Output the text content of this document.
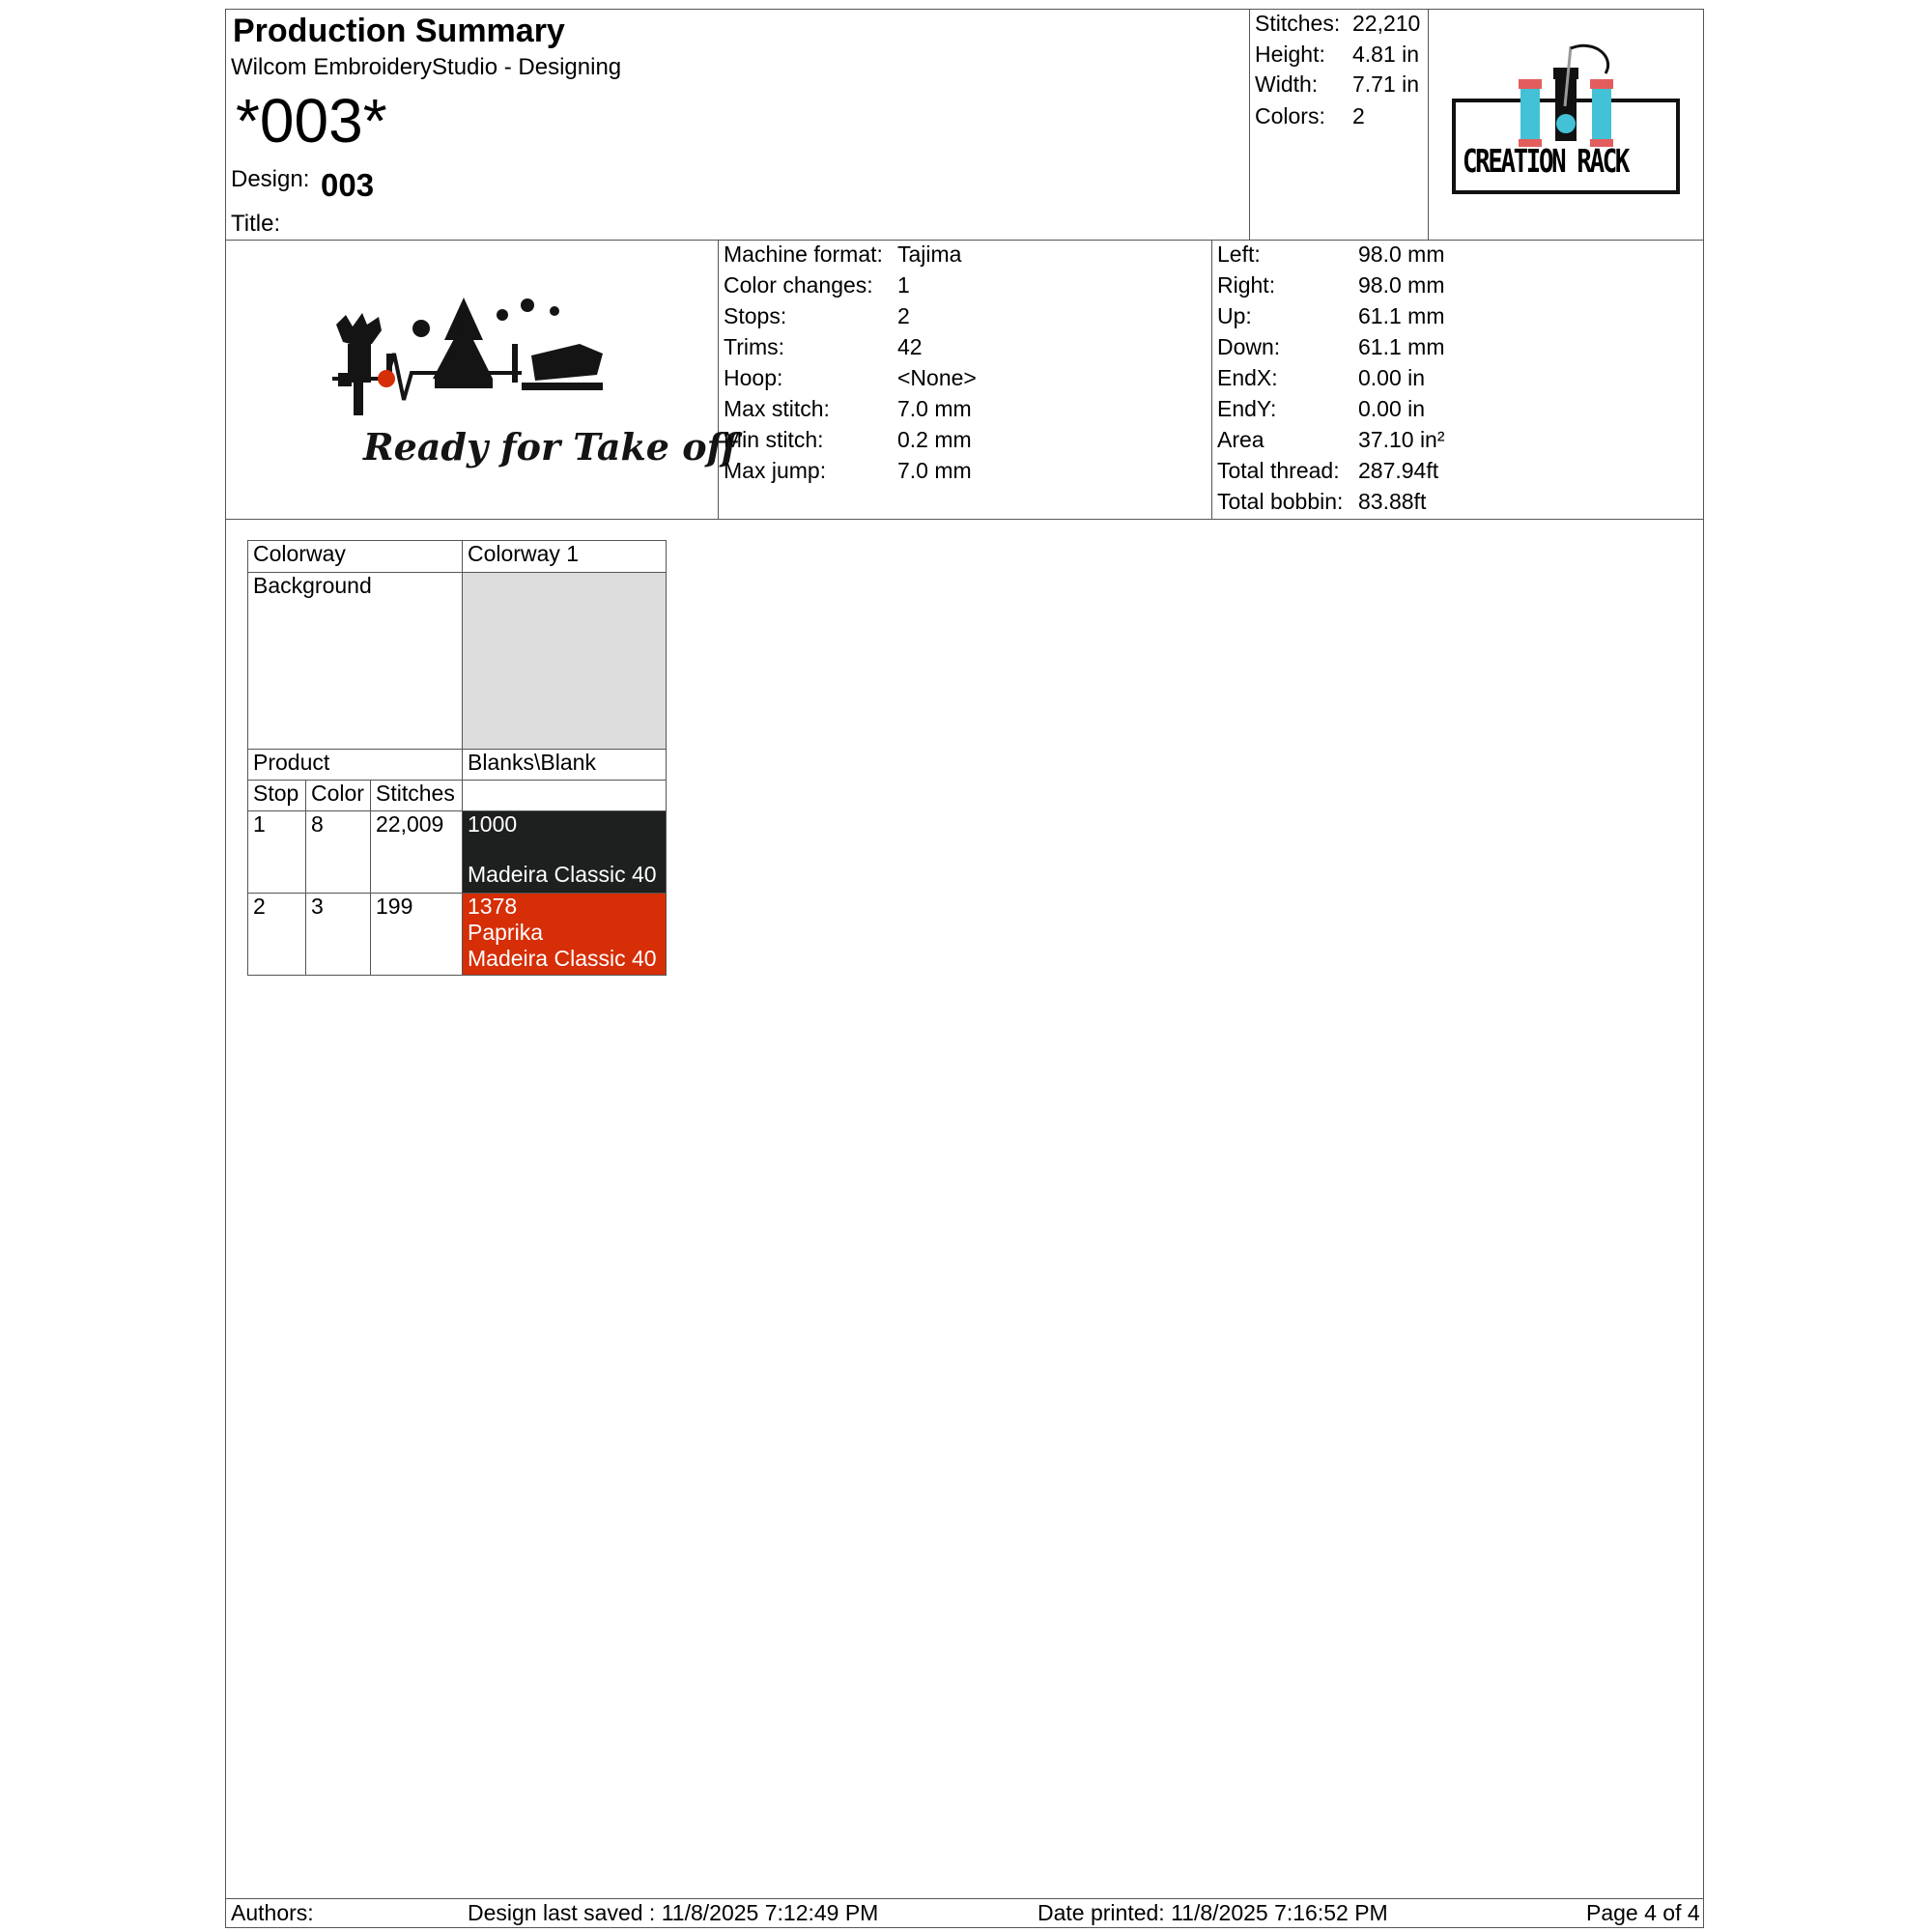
Production Summary
Wilcom EmbroideryStudio - Designing
*003*
Design: 003
Title:
Stitches: 22,210
Height: 4.81 in
Width: 7.71 in
Colors: 2
CREATION RACK
Ready for Take off
Machine format: Tajima
Color changes: 1
Stops:	2
Trims:	42
Hoop:	<None>
Max stitch:	7.0 mm
Min stitch:	0.2 mm
Max jump:	7.0 mm
Left:	98.0 mm
Right:	98.0 mm
Up:	61.1 mm
Down:	61.1 mm
EndX:	0.00 in
EndY:	0.00 in
Area	37.10 in²
Total thread: 287.94ft
Total bobbin: 83.88ft
Colorway			Colorway 1
Background			
Product			Blanks\Blank
Stop	Color	Stitches	
1	8	22,009	1000
Madeira Classic 40

2	3	199	1378
Paprika
Madeira Classic 40
Authors:	Design last saved : 11/8/2025 7:12:49 PM	Date printed: 11/8/2025 7:16:52 PM	Page 4 of 4
